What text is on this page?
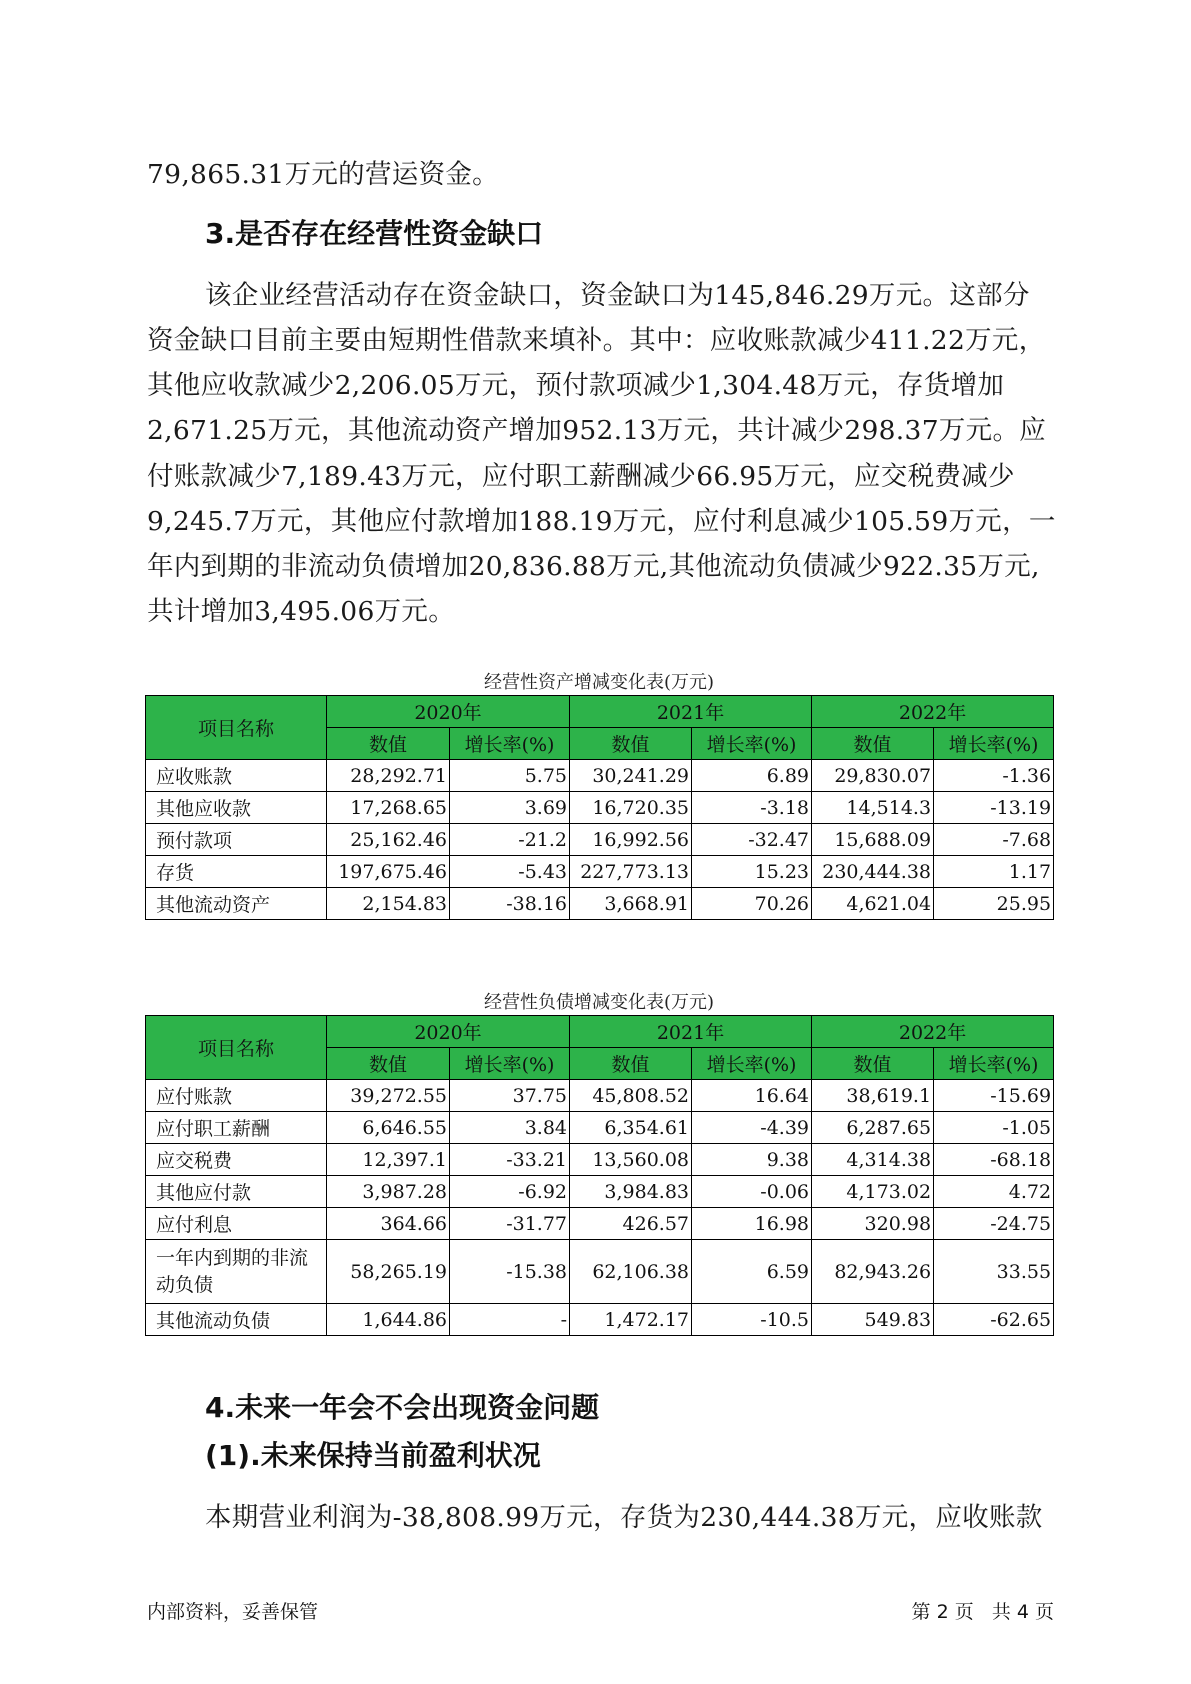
79,865.31万元的营运资金。

3.是否存在经营性资金缺口

该企业经营活动存在资金缺口，资金缺口为145,846.29万元。这部分

资金缺口目前主要由短期性借款来填补。其中：应收账款减少411.22万元，

其他应收款减少2,206.05万元，预付款项减少1,304.48万元，存货增加

2,671.25万元，其他流动资产增加952.13万元，共计减少298.37万元。应

付账款减少7,189.43万元，应付职工薪酬减少66.95万元，应交税费减少

9,245.7万元，其他应付款增加188.19万元，应付利息减少105.59万元，一

年内到期的非流动负债增加20,836.88万元,其他流动负债减少922.35万元,

共计增加3,495.06万元。

经营性资产增减变化表(万元)
项目名称	2020年		2021年		2022年	
	数值	增长率(%)	数值	增长率(%)	数值	增长率(%)
应收账款	28,292.71	5.75	30,241.29	6.89	29,830.07	-1.36
其他应收款	17,268.65	3.69	16,720.35	-3.18	14,514.3	-13.19
预付款项	25,162.46	-21.2	16,992.56	-32.47	15,688.09	-7.68
存货	197,675.46	-5.43	227,773.13	15.23	230,444.38	1.17
其他流动资产	2,154.83	-38.16	3,668.91	70.26	4,621.04	25.95
经营性负债增减变化表(万元)
项目名称	2020年		2021年		2022年	
	数值	增长率(%)	数值	增长率(%)	数值	增长率(%)
应付账款	39,272.55	37.75	45,808.52	16.64	38,619.1	-15.69
应付职工薪酬	6,646.55	3.84	6,354.61	-4.39	6,287.65	-1.05
应交税费	12,397.1	-33.21	13,560.08	9.38	4,314.38	-68.18
其他应付款	3,987.28	-6.92	3,984.83	-0.06	4,173.02	4.72
应付利息	364.66	-31.77	426.57	16.98	320.98	-24.75
一年内到期的非流动负债	58,265.19	-15.38	62,106.38	6.59	82,943.26	33.55
其他流动负债	1,644.86	-	1,472.17	-10.5	549.83	-62.65
4.未来一年会不会出现资金问题
(1).未来保持当前盈利状况

本期营业利润为-38,808.99万元，存货为230,444.38万元，应收账款

内部资料，妥善保管	第 2 页   共 4 页
